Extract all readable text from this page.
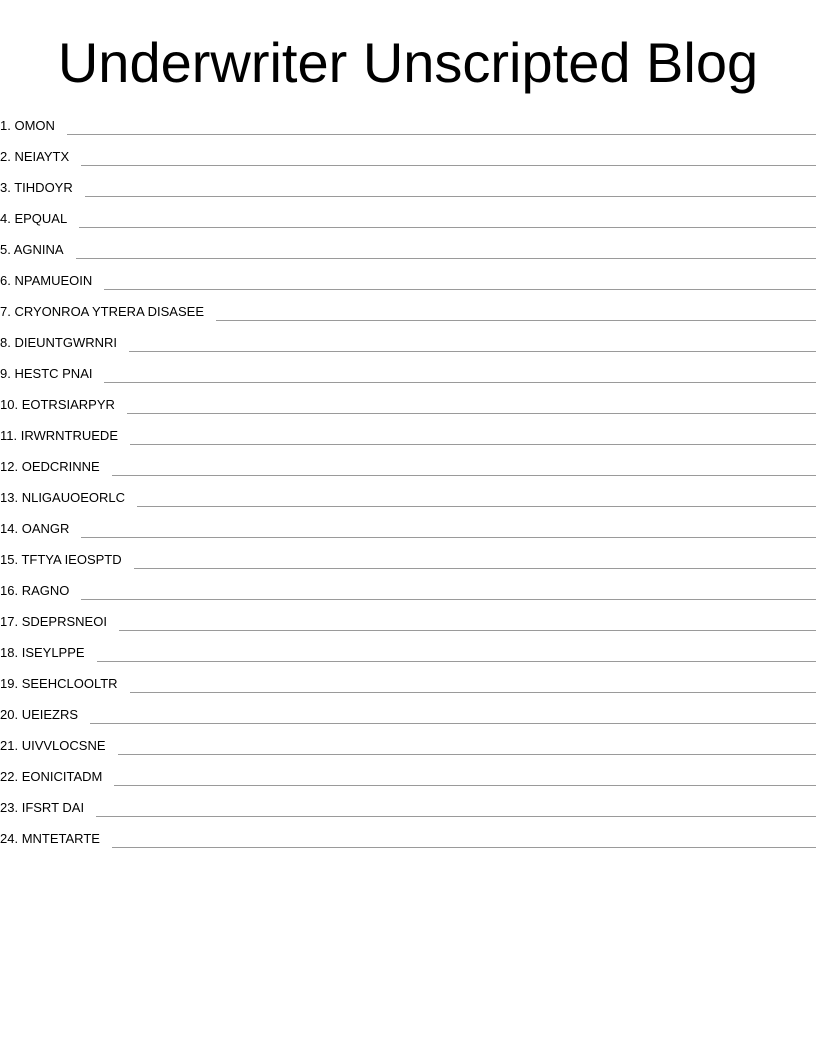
Underwriter Unscripted Blog
1. OMON
2. NEIAYTX
3. TIHDOYR
4. EPQUAL
5. AGNINA
6. NPAMUEOIN
7. CRYONROA YTRERA DISASEE
8. DIEUNTGWRNRI
9. HESTC PNAI
10. EOTRSIARPYR
11. IRWRNTRUEDE
12. OEDCRINNE
13. NLIGAUOEORLC
14. OANGR
15. TFTYA IEOSPTD
16. RAGNO
17. SDEPRSNEOI
18. ISEYLPPE
19. SEEHCLOOLTR
20. UEIEZRS
21. UIVVLOCSNE
22. EONICITADM
23. IFSRT DAI
24. MNTETARTE
